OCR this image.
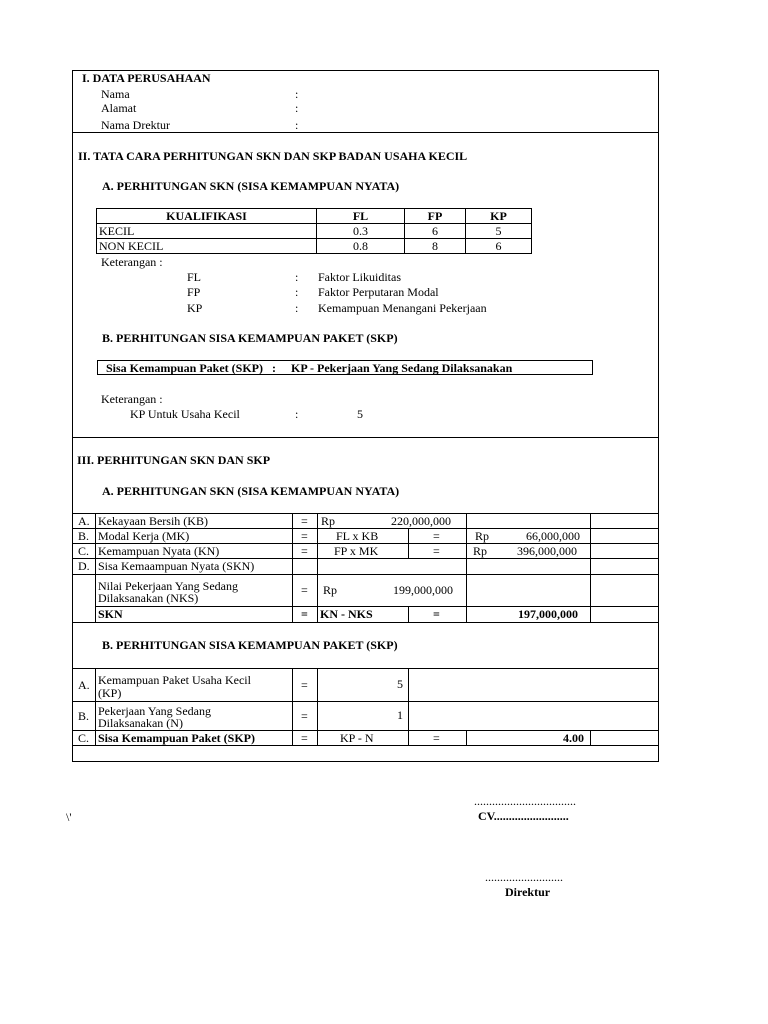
I. DATA PERUSAHAAN
Nama	:
Alamat	:
Nama Drektur	:
II. TATA CARA PERHITUNGAN SKN DAN SKP BADAN USAHA KECIL
A. PERHITUNGAN SKN (SISA KEMAMPUAN NYATA)
KUALIFIKASI	FL	FP	KP
KECIL	0.3	6	5
NON KECIL	0.8	8	6
Keterangan :
FL	: Faktor Likuiditas
FP	: Faktor Perputaran Modal
KP	: Kemampuan Menangani Pekerjaan
B. PERHITUNGAN SISA KEMAMPUAN PAKET (SKP)
Sisa Kemampuan Paket (SKP)   :     KP - Pekerjaan Yang Sedang Dilaksanakan
Keterangan :
KP Untuk Usaha Kecil	:	5
III. PERHITUNGAN SKN DAN SKP
A. PERHITUNGAN SKN (SISA KEMAMPUAN NYATA)
A. Kekayaan Bersih (KB)	= Rp	220,000,000
B. Modal Kerja (MK)	= FL x KB	=	Rp	66,000,000
C. Kemampuan Nyata (KN)	= FP x MK	=	Rp 396,000,000
D. Sisa Kemaampuan Nyata (SKN)
Nilai Pekerjaan Yang Sedang
Dilaksanakan (NKS)
= Rp	199,000,000
SKN	= KN - NKS	=	197,000,000
B. PERHITUNGAN SISA KEMAMPUAN PAKET (SKP)
A. Kemampuan Paket Usaha Kecil
(KP)
=	5
B. Pekerjaan Yang Sedang
Dilaksanakan (N)	=	1
C. Sisa Kemampuan Paket (SKP)	=	KP - N	=	4.00
\'
..................................
CV.........................
..........................
Direktur
